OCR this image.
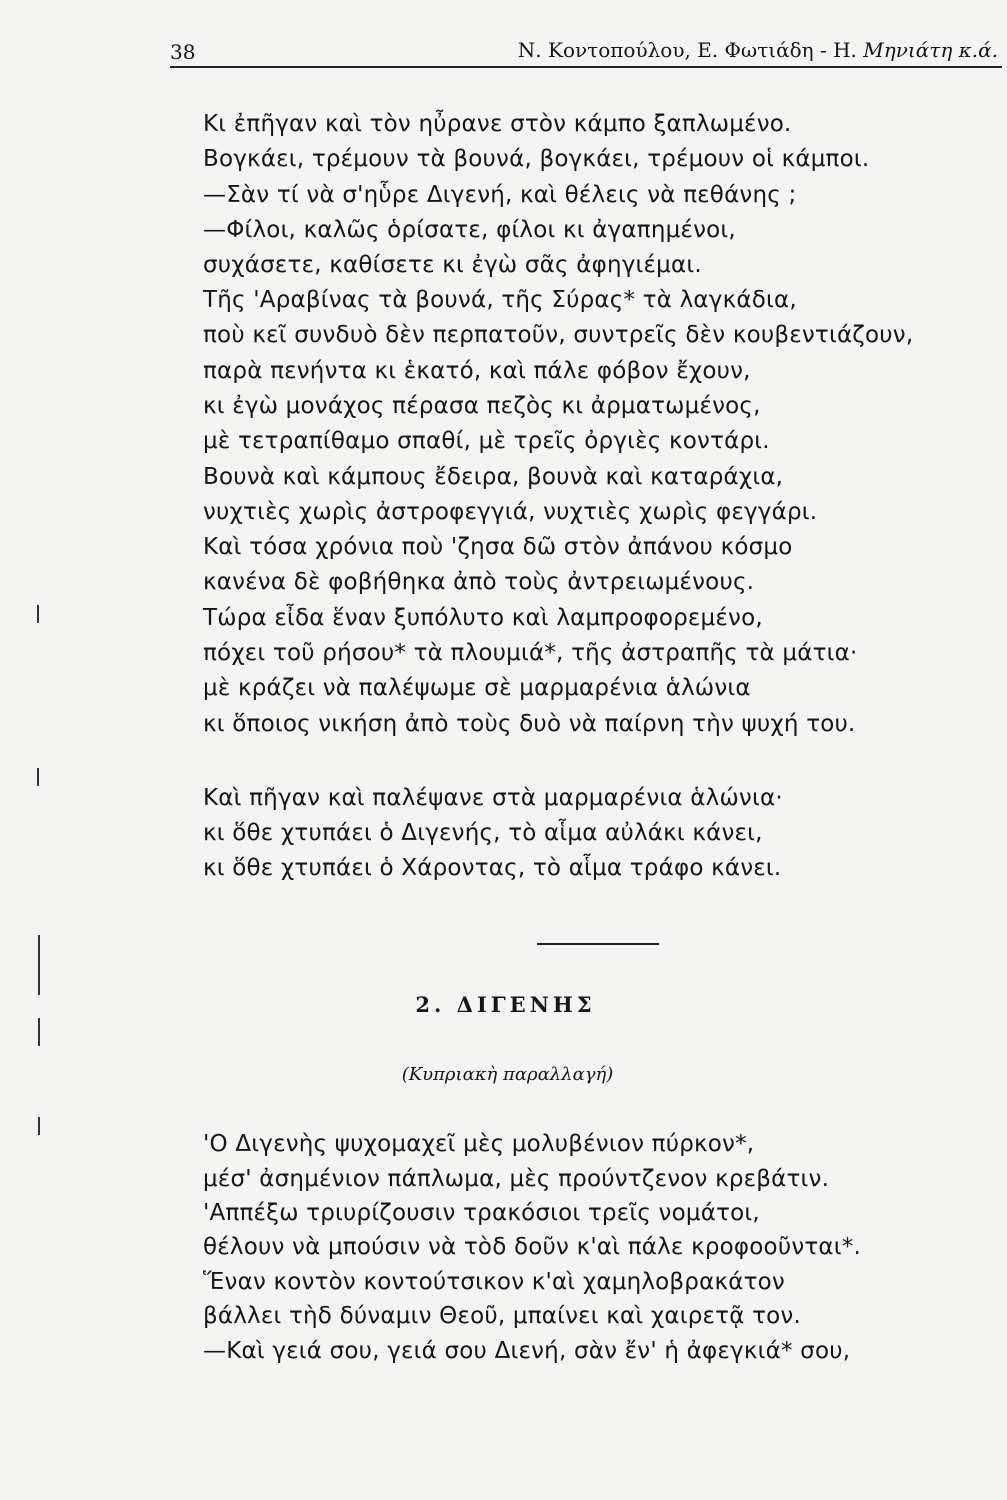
38	Ν. Κοντοπούλου, Ε. Φωτιάδη - Η. Μηνιάτη κ.ά.
Κι ἐπῆγαν καὶ τὸν ηὖρανε στὸν κάμπο ξαπλωμένο.
Βογκάει, τρέμουν τὰ βουνά, βογκάει, τρέμουν οἱ κάμποι.
—Σὰν τί νὰ σ'ηὗρε Διγενή, καὶ θέλεις νὰ πεθάνης ;
—Φίλοι, καλῶς ὁρίσατε, φίλοι κι ἀγαπημένοι,
συχάσετε, καθίσετε κι ἐγὼ σᾶς ἀφηγιέμαι.
Τῆς 'Αραβίνας τὰ βουνά, τῆς Σύρας* τὰ λαγκάδια,
ποὺ κεῖ συνδυὸ δὲν περπατοῦν, συντρεῖς δὲν κουβεντιάζουν,
παρὰ πενήντα κι ἑκατό, καὶ πάλε φόβον ἔχουν,
κι ἐγὼ μονάχος πέρασα πεζὸς κι ἀρματωμένος,
μὲ τετραπίθαμο σπαθί, μὲ τρεῖς ὀργιὲς κοντάρι.
Βουνὰ καὶ κάμπους ἔδειρα, βουνὰ καὶ καταράχια,
νυχτιὲς χωρὶς ἀστροφεγγιά, νυχτιὲς χωρὶς φεγγάρι.
Καὶ τόσα χρόνια ποὺ 'ζησα δῶ στὸν ἀπάνου κόσμο
κανένα δὲ φοβήθηκα ἀπὸ τοὺς ἀντρειωμένους.
Τώρα εἶδα ἕναν ξυπόλυτο καὶ λαμπροφορεμένο,
πόχει τοῦ ρήσου* τὰ πλουμιά*, τῆς ἀστραπῆς τὰ μάτια·
μὲ κράζει νὰ παλέψωμε σὲ μαρμαρένια ἁλώνια
κι ὅποιος νικήση ἀπὸ τοὺς δυὸ νὰ παίρνη τὴν ψυχή του.
Καὶ πῆγαν καὶ παλέψανε στὰ μαρμαρένια ἁλώνια·
κι ὅθε χτυπάει ὁ Διγενής, τὸ αἷμα αὐλάκι κάνει,
κι ὅθε χτυπάει ὁ Χάροντας, τὸ αἷμα τράφο κάνει.
2. ΔΙΓΕΝΗΣ
(Κυπριακὴ παραλλαγή)
'Ο Διγενὴς ψυχομαχεῖ μὲς μολυβένιον πύρκον*,
μέσ' ἀσημένιον πάπλωμα, μὲς προύντζενον κρεβάτιν.
'Αππέξω τριυρίζουσιν τρακόσιοι τρεῖς νομάτοι,
θέλουν νὰ μπούσιν νὰ τὸδ δοῦν κ'αὶ πάλε κροφοοῦνται*.
Ἕναν κοντὸν κοντούτσικον κ'αὶ χαμηλοβρακάτον
βάλλει τὴδ δύναμιν Θεοῦ, μπαίνει καὶ χαιρετᾷ τον.
—Καὶ γειά σου, γειά σου Διενή, σὰν ἔν' ἡ ἀφεγκιά* σου,
